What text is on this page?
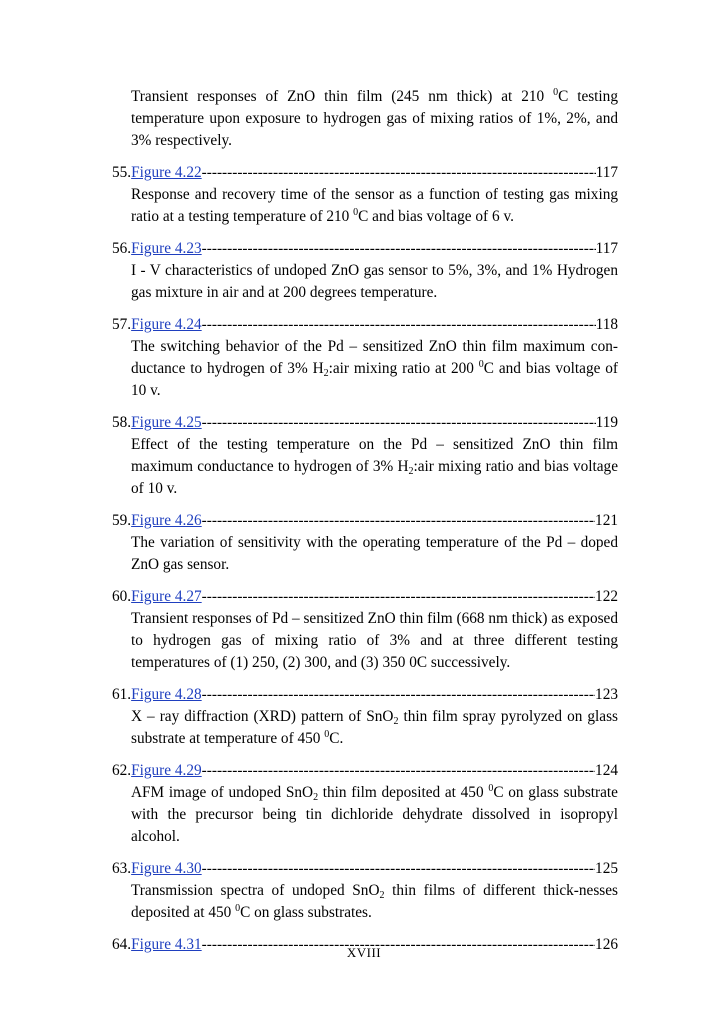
Transient responses of ZnO thin film (245 nm thick) at 210 $^0$C testing temperature upon exposure to hydrogen gas of mixing ratios of 1%, 2%, and 3% respectively.
55. Figure 4.22 -----	117
Response and recovery time of the sensor as a function of testing gas mixing ratio at a testing temperature of 210 $^0$C and bias voltage of 6 v.
56. Figure 4.23 -----	117
I - V characteristics of undoped ZnO gas sensor to 5%, 3%, and 1% Hydrogen gas mixture in air and at 200 degrees temperature.
57. Figure 4.24 -----	118
The switching behavior of the Pd – sensitized ZnO thin film maximum con-ductance to hydrogen of 3% $H_2:air$ mixing ratio at 200 $^0$C and bias voltage of 10 v.
58. Figure 4.25 -----	119
Effect of the testing temperature on the Pd – sensitized ZnO thin film maximum conductance to hydrogen of 3% $H_2:air$ mixing ratio and bias voltage of 10 v.
59. Figure 4.26 -----	121
The variation of sensitivity with the operating temperature of the Pd – doped ZnO gas sensor.
60. Figure 4.27 -----	122
Transient responses of Pd – sensitized ZnO thin film (668 nm thick) as exposed to hydrogen gas of mixing ratio of 3% and at three different testing temperatures of (1) 250, (2) 300, and (3) 350 0C successively.
61. Figure 4.28 -----	123
X – ray diffraction (XRD) pattern of SnO$_2$ thin film spray pyrolyzed on glass substrate at temperature of 450 $^0$C.
62. Figure 4.29 -----	124
AFM image of undoped SnO$_2$ thin film deposited at 450 $^0$C on glass substrate with the precursor being tin dichloride dehydrate dissolved in isopropyl alcohol.
63. Figure 4.30 -----	125
Transmission spectra of undoped SnO$_2$ thin films of different thick-nesses deposited at 450 $^0$C on glass substrates.
64. Figure 4.31 -----	126
XVIII
